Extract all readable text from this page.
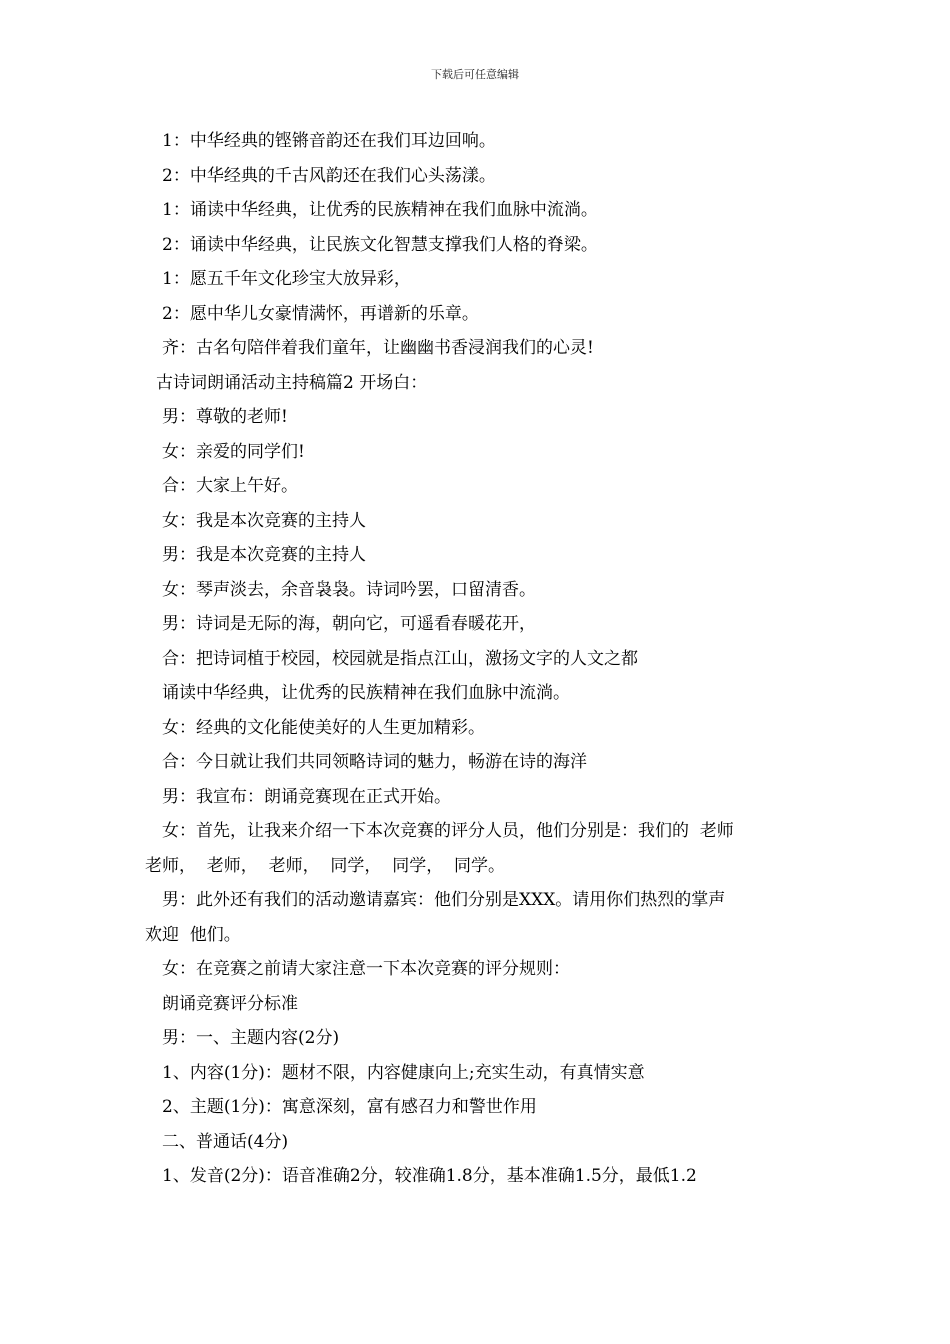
下载后可任意编辑
1：中华经典的铿锵音韵还在我们耳边回响。
2：中华经典的千古风韵还在我们心头荡漾。
1：诵读中华经典，让优秀的民族精神在我们血脉中流淌。
2：诵读中华经典，让民族文化智慧支撑我们人格的脊梁。
1：愿五千年文化珍宝大放异彩，
2：愿中华儿女豪情满怀，再谱新的乐章。
齐：古名句陪伴着我们童年，让幽幽书香浸润我们的心灵!
古诗词朗诵活动主持稿篇2 开场白：
男：尊敬的老师!
女：亲爱的同学们!
合：大家上午好。
女：我是本次竞赛的主持人
男：我是本次竞赛的主持人
女：琴声淡去，余音袅袅。诗词吟罢，口留清香。
男：诗词是无际的海，朝向它，可遥看春暖花开，
合：把诗词植于校园，校园就是指点江山，激扬文字的人文之都
诵读中华经典，让优秀的民族精神在我们血脉中流淌。
女：经典的文化能使美好的人生更加精彩。
合：今日就让我们共同领略诗词的魅力，畅游在诗的海洋
男：我宣布：朗诵竞赛现在正式开始。
女：首先，让我来介绍一下本次竞赛的评分人员，他们分别是：我们的  老师
老师，  老师，  老师，  同学，  同学，  同学。
男：此外还有我们的活动邀请嘉宾：他们分别是XXX。请用你们热烈的掌声
欢迎  他们。
女：在竞赛之前请大家注意一下本次竞赛的评分规则：
朗诵竞赛评分标准
男：一、主题内容(2分)
1、内容(1分)：题材不限，内容健康向上;充实生动，有真情实意
2、主题(1分)：寓意深刻，富有感召力和警世作用
二、普通话(4分)
1、发音(2分)：语音准确2分，较准确1.8分，基本准确1.5分，最低1.2
